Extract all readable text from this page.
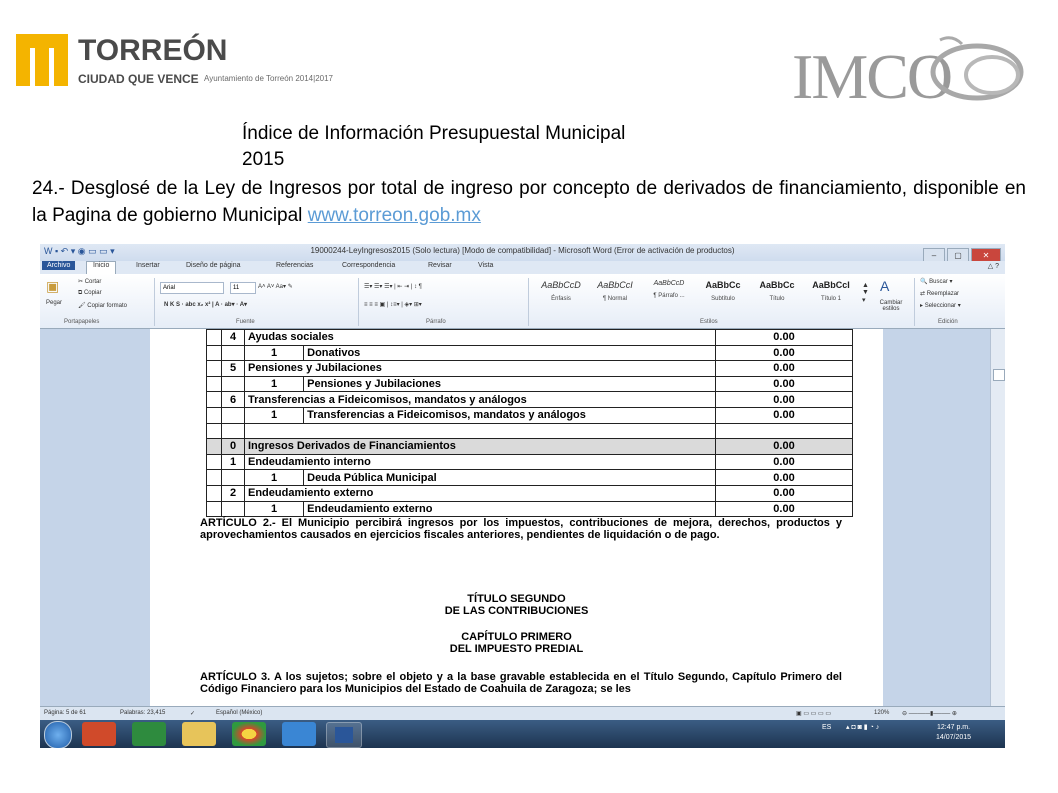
TORREÓN
CIUDAD QUE VENCE Ayuntamiento de Torreón 2014|2017	IMCO
Índice de Información Presupuestal Municipal
2015
24.- Desglosé de la Ley de Ingresos por total de ingreso por concepto de derivados de financiamiento, disponible en la Pagina de gobierno Municipal www.torreon.gob.mx
W ▪ ↶ ▾ ◉ ▭ ▭ ▾	19000244-LeyIngresos2015 (Solo lectura) [Modo de compatibilidad] - Microsoft Word (Error de activación de productos)
– ▢	✕
Archivo	Inicio	Insertar	Diseño de página	Referencias	Correspondencia	Revisar	Vista	△ ?
▣
Pegar
✂ Cortar
⧉ Copiar
🖌 Copiar formato
Portapapeles
Arial	11	A˄ A˅ Aa▾ ✎
N K S · abc x₂ x² | A · ab▾ · A▾
Fuente
☰▾ ☰▾ ☰▾ | ⇤ ⇥ | ↕ ¶
≡ ≡ ≡ ▣ | ↕≡▾ | ◈▾ ⊞▾
Párrafo
AaBbCcD
Énfasis
AaBbCcI
¶ Normal
AaBbCcD
¶ Párrafo ...
AaBbCc
Subtítulo
AaBbCc
Título
AaBbCcI
Título 1
▲
▼
▾
Estilos
A
Cambiar estilos
🔍 Buscar ▾
⇄ Reemplazar
▸ Seleccionar ▾
Edición
	4	Ayudas sociales		0.00
		1	Donativos	0.00
	5	Pensiones y Jubilaciones		0.00
		1	Pensiones y Jubilaciones	0.00
	6	Transferencias a Fideicomisos, mandatos y análogos		0.00
		1	Transferencias a Fideicomisos, mandatos y análogos	0.00

	0	Ingresos Derivados de Financiamientos		0.00
	1	Endeudamiento interno		0.00
		1	Deuda Pública Municipal	0.00
	2	Endeudamiento externo		0.00
		1	Endeudamiento externo	0.00
ARTÍCULO 2.- El Municipio percibirá ingresos por los impuestos, contribuciones de mejora, derechos, productos y aprovechamientos causados en ejercicios fiscales anteriores, pendientes de liquidación o de pago.
TÍTULO SEGUNDO
DE LAS CONTRIBUCIONES
CAPÍTULO PRIMERO
DEL IMPUESTO PREDIAL
ARTÍCULO 3. A los sujetos; sobre el objeto y a la base gravable establecida en el Título Segundo, Capítulo Primero del Código Financiero para los Municipios del Estado de Coahuila de Zaragoza; se les
Página: 5 de 61	Palabras: 23,415	✓	Español (México)	▣ ▭ ▭ ▭ ▭	120% ⊖ ─────▮──── ⊕
ES ▴ ◘ ◙ ▮ ◔ ♪	12:47 p.m.
14/07/2015
